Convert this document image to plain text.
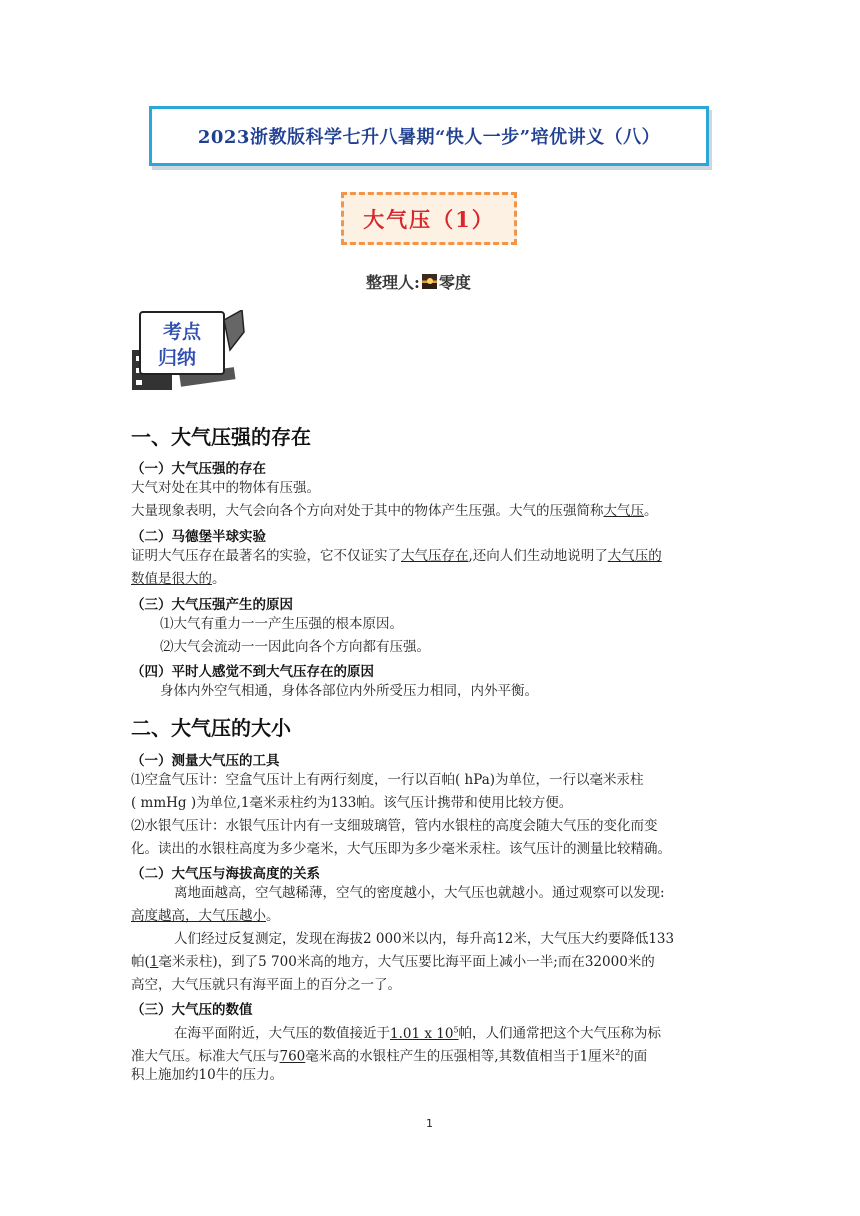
2023浙教版科学七升八暑期“快人一步”培优讲义（八）
大气压（1）
整理人: 零度
考点
归纳
一、大气压强的存在
（一）大气压强的存在
大气对处在其中的物体有压强。
大量现象表明，大气会向各个方向对处于其中的物体产生压强。大气的压强简称大气压。
（二）马德堡半球实验
证明大气压存在最著名的实验，它不仅证实了大气压存在,还向人们生动地说明了大气压的
数值是很大的。
（三）大气压强产生的原因
⑴大气有重力一一产生压强的根本原因。
⑵大气会流动一一因此向各个方向都有压强。
（四）平时人感觉不到大气压存在的原因
身体内外空气相通，身体各部位内外所受压力相同，内外平衡。
二、大气压的大小
（一）测量大气压的工具
⑴空盒气压计：空盒气压计上有两行刻度，一行以百帕( hPa)为单位，一行以毫米汞柱
( mmHg )为单位,1毫米汞柱约为133帕。该气压计携带和使用比较方便。
⑵水银气压计：水银气压计内有一支细玻璃管，管内水银柱的高度会随大气压的变化而变
化。读出的水银柱高度为多少毫米，大气压即为多少毫米汞柱。该气压计的测量比较精确。
（二）大气压与海拔高度的关系
离地面越高，空气越稀薄，空气的密度越小，大气压也就越小。通过观察可以发现:
高度越高，大气压越小。
人们经过反复测定，发现在海拔2 000米以内，每升高12米，大气压大约要降低133
帕(1毫米汞柱)，到了5 700米高的地方，大气压要比海平面上减小一半;而在32000米的
高空，大气压就只有海平面上的百分之一了。
（三）大气压的数值
在海平面附近，大气压的数值接近于1.01 x $10^5$帕，人们通常把这个大气压称为标
准大气压。标准大气压与760毫米高的水银柱产生的压强相等,其数值相当于1厘米$^2$的面
积上施加约10牛的压力。
1
